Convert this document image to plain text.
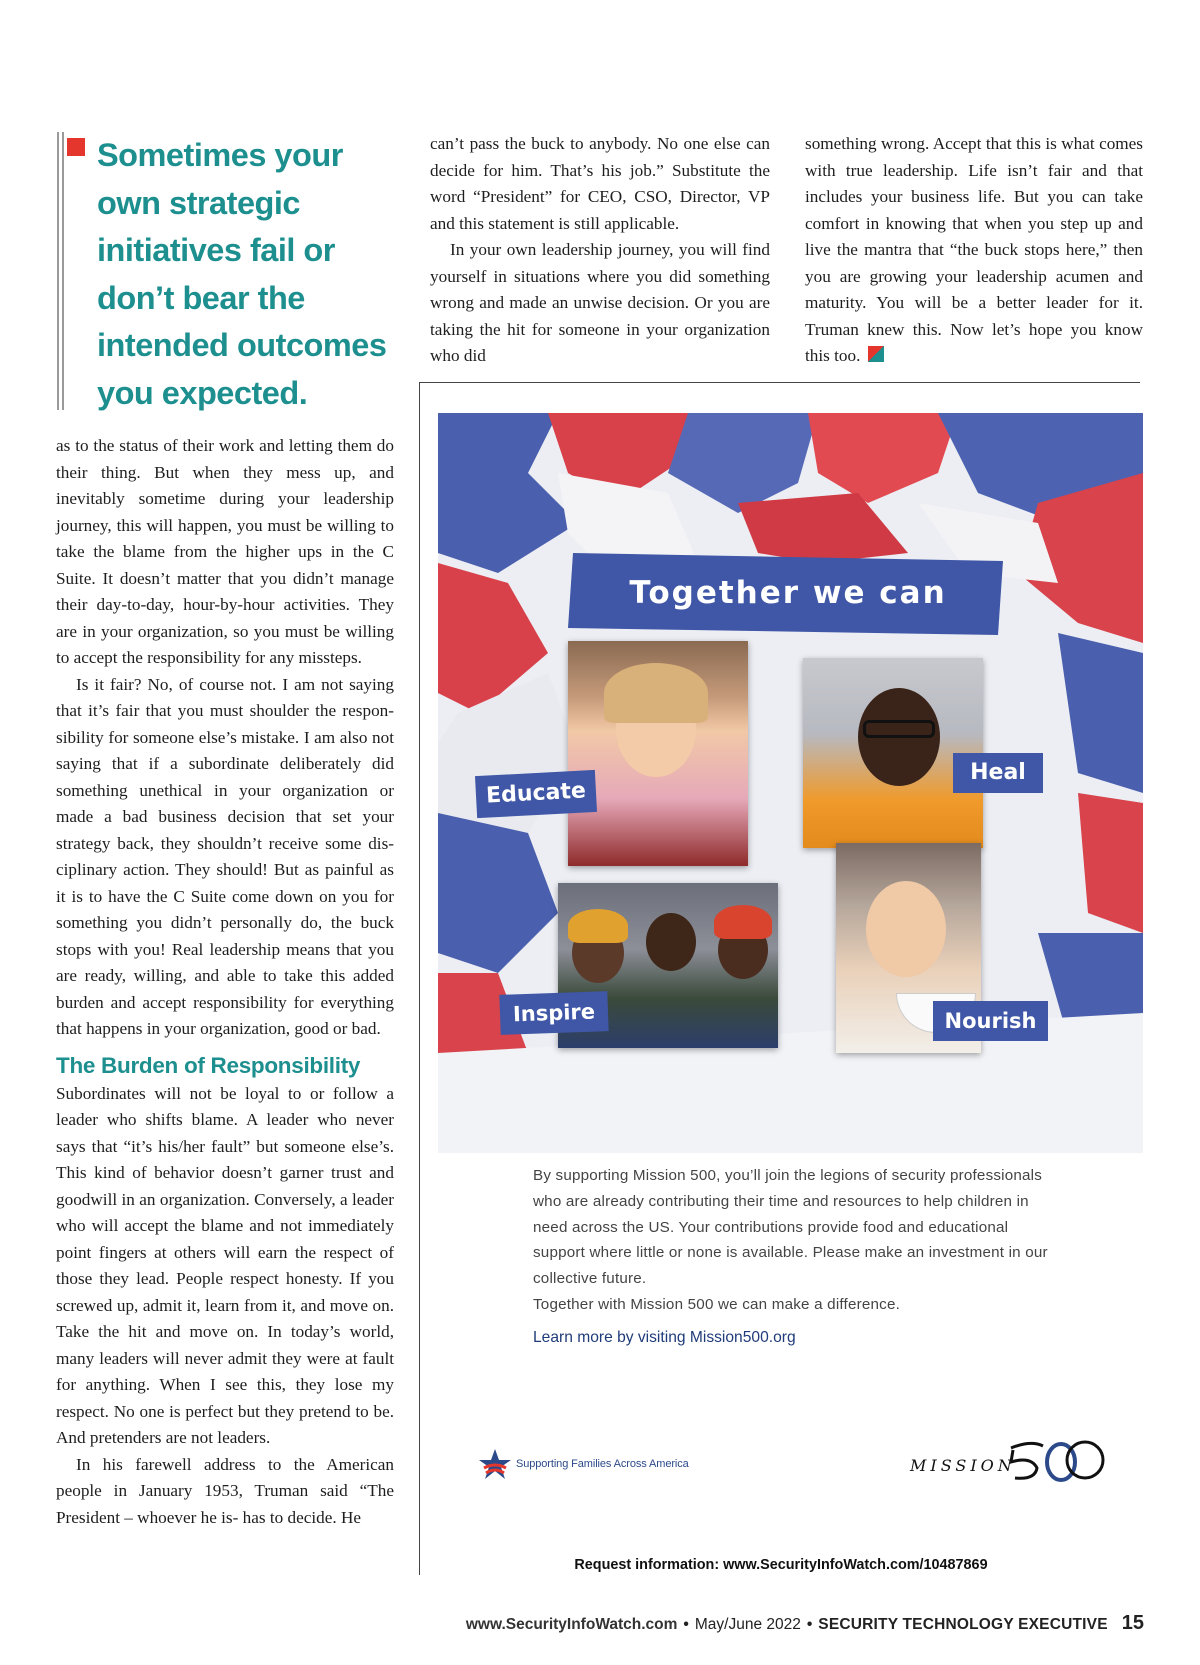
Sometimes your own strategic initiatives fail or don’t bear the intended outcomes you expected.

as to the status of their work and letting them do their thing. But when they mess up, and inevitably sometime during your leadership journey, this will happen, you must be willing to take the blame from the higher ups in the C Suite. It doesn’t matter that you didn’t manage their day-to-day, hour-by-hour activities. They are in your organization, so you must be willing to accept the responsibility for any missteps.

Is it fair? No, of course not. I am not saying that it’s fair that you must shoulder the responsibility for someone else’s mistake. I am also not saying that if a subordinate deliberately did something unethical in your organization or made a bad business decision that set your strategy back, they shouldn’t receive some disciplinary action. They should! But as painful as it is to have the C Suite come down on you for something you didn’t personally do, the buck stops with you! Real leadership means that you are ready, willing, and able to take this added burden and accept responsibility for everything that happens in your organization, good or bad.

The Burden of Responsibility

Subordinates will not be loyal to or follow a leader who shifts blame. A leader who never says that “it’s his/her fault” but someone else’s. This kind of behavior doesn’t garner trust and goodwill in an organization. Conversely, a leader who will accept the blame and not immediately point fingers at others will earn the respect of those they lead. People respect honesty. If you screwed up, admit it, learn from it, and move on. Take the hit and move on. In today’s world, many leaders will never admit they were at fault for anything. When I see this, they lose my respect. No one is perfect but they pretend to be. And pretenders are not leaders.

In his farewell address to the American people in January 1953, Truman said “The President – whoever he is- has to decide. He

can’t pass the buck to anybody. No one else can decide for him. That’s his job.” Substitute the word “President” for CEO, CSO, Director, VP and this statement is still applicable.

In your own leadership journey, you will find yourself in situations where you did something wrong and made an unwise decision. Or you are taking the hit for someone in your organization who did

something wrong. Accept that this is what comes with true leadership. Life isn’t fair and that includes your business life. But you can take comfort in knowing that when you step up and live the mantra that “the buck stops here,” then you are growing your leadership acumen and maturity. You will be a better leader for it. Truman knew this. Now let’s hope you know this too.

Together we can
Educate
Heal
Inspire	Nourish

By supporting Mission 500, you’ll join the legions of security professionals who are already contributing their time and resources to help children in need across the US. Your contributions provide food and educational support where little or none is available. Please make an investment in our collective future.

Together with Mission 500 we can make a difference.

Learn more by visiting Mission500.org
Supporting Families Across America	MISSION
Request information: www.SecurityInfoWatch.com/10487869
www.SecurityInfoWatch.com • May/June 2022 • SECURITY TECHNOLOGY EXECUTIVE 15
